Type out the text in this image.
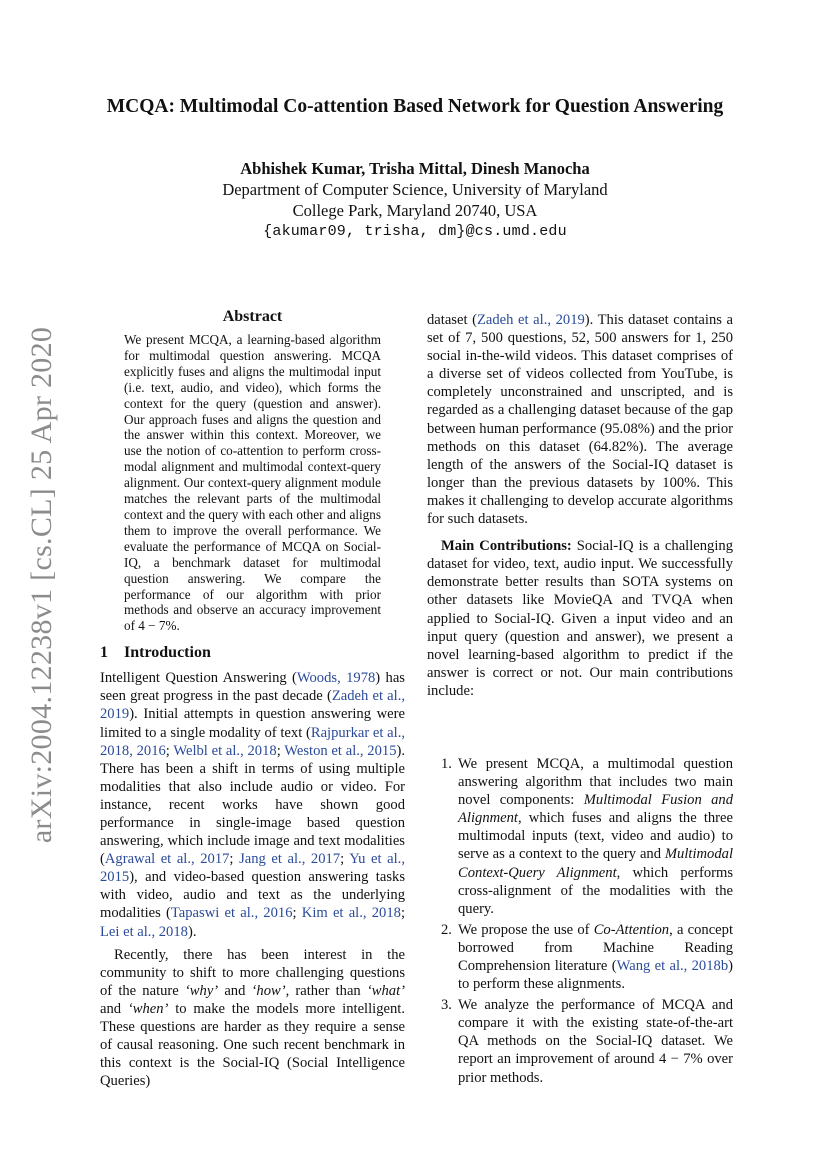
arXiv:2004.12238v1 [cs.CL] 25 Apr 2020
MCQA: Multimodal Co-attention Based Network for Question Answering
Abhishek Kumar, Trisha Mittal, Dinesh Manocha
Department of Computer Science, University of Maryland
College Park, Maryland 20740, USA
{akumar09, trisha, dm}@cs.umd.edu
Abstract
We present MCQA, a learning-based algorithm for multimodal question answering. MCQA explicitly fuses and aligns the multimodal input (i.e. text, audio, and video), which forms the context for the query (question and answer). Our approach fuses and aligns the question and the answer within this context. Moreover, we use the notion of co-attention to perform cross-modal alignment and multimodal context-query alignment. Our context-query alignment module matches the relevant parts of the multimodal context and the query with each other and aligns them to improve the overall performance. We evaluate the performance of MCQA on Social-IQ, a benchmark dataset for multimodal question answering. We compare the performance of our algorithm with prior methods and observe an accuracy improvement of 4 − 7%.
1 Introduction

Intelligent Question Answering (Woods, 1978) has seen great progress in the past decade (Zadeh et al., 2019). Initial attempts in question answering were limited to a single modality of text (Rajpurkar et al., 2018, 2016; Welbl et al., 2018; Weston et al., 2015). There has been a shift in terms of using multiple modalities that also include audio or video. For instance, recent works have shown good performance in single-image based question answering, which include image and text modalities (Agrawal et al., 2017; Jang et al., 2017; Yu et al., 2015), and video-based question answering tasks with video, audio and text as the underlying modalities (Tapaswi et al., 2016; Kim et al., 2018; Lei et al., 2018).

Recently, there has been interest in the community to shift to more challenging questions of the nature ‘why’ and ‘how’, rather than ‘what’ and ‘when’ to make the models more intelligent. These questions are harder as they require a sense of causal reasoning. One such recent benchmark in this context is the Social-IQ (Social Intelligence Queries)

dataset (Zadeh et al., 2019). This dataset contains a set of 7, 500 questions, 52, 500 answers for 1, 250 social in-the-wild videos. This dataset comprises of a diverse set of videos collected from YouTube, is completely unconstrained and unscripted, and is regarded as a challenging dataset because of the gap between human performance (95.08%) and the prior methods on this dataset (64.82%). The average length of the answers of the Social-IQ dataset is longer than the previous datasets by 100%. This makes it challenging to develop accurate algorithms for such datasets.

Main Contributions: Social-IQ is a challenging dataset for video, text, audio input. We successfully demonstrate better results than SOTA systems on other datasets like MovieQA and TVQA when applied to Social-IQ. Given a input video and an input query (question and answer), we present a novel learning-based algorithm to predict if the answer is correct or not. Our main contributions include:

1. We present MCQA, a multimodal question answering algorithm that includes two main novel components: Multimodal Fusion and Alignment, which fuses and aligns the three multimodal inputs (text, video and audio) to serve as a context to the query and Multimodal Context-Query Alignment, which performs cross-alignment of the modalities with the query.
2. We propose the use of Co-Attention, a concept borrowed from Machine Reading Comprehension literature (Wang et al., 2018b) to perform these alignments.
3. We analyze the performance of MCQA and compare it with the existing state-of-the-art QA methods on the Social-IQ dataset. We report an improvement of around 4 − 7% over prior methods.
